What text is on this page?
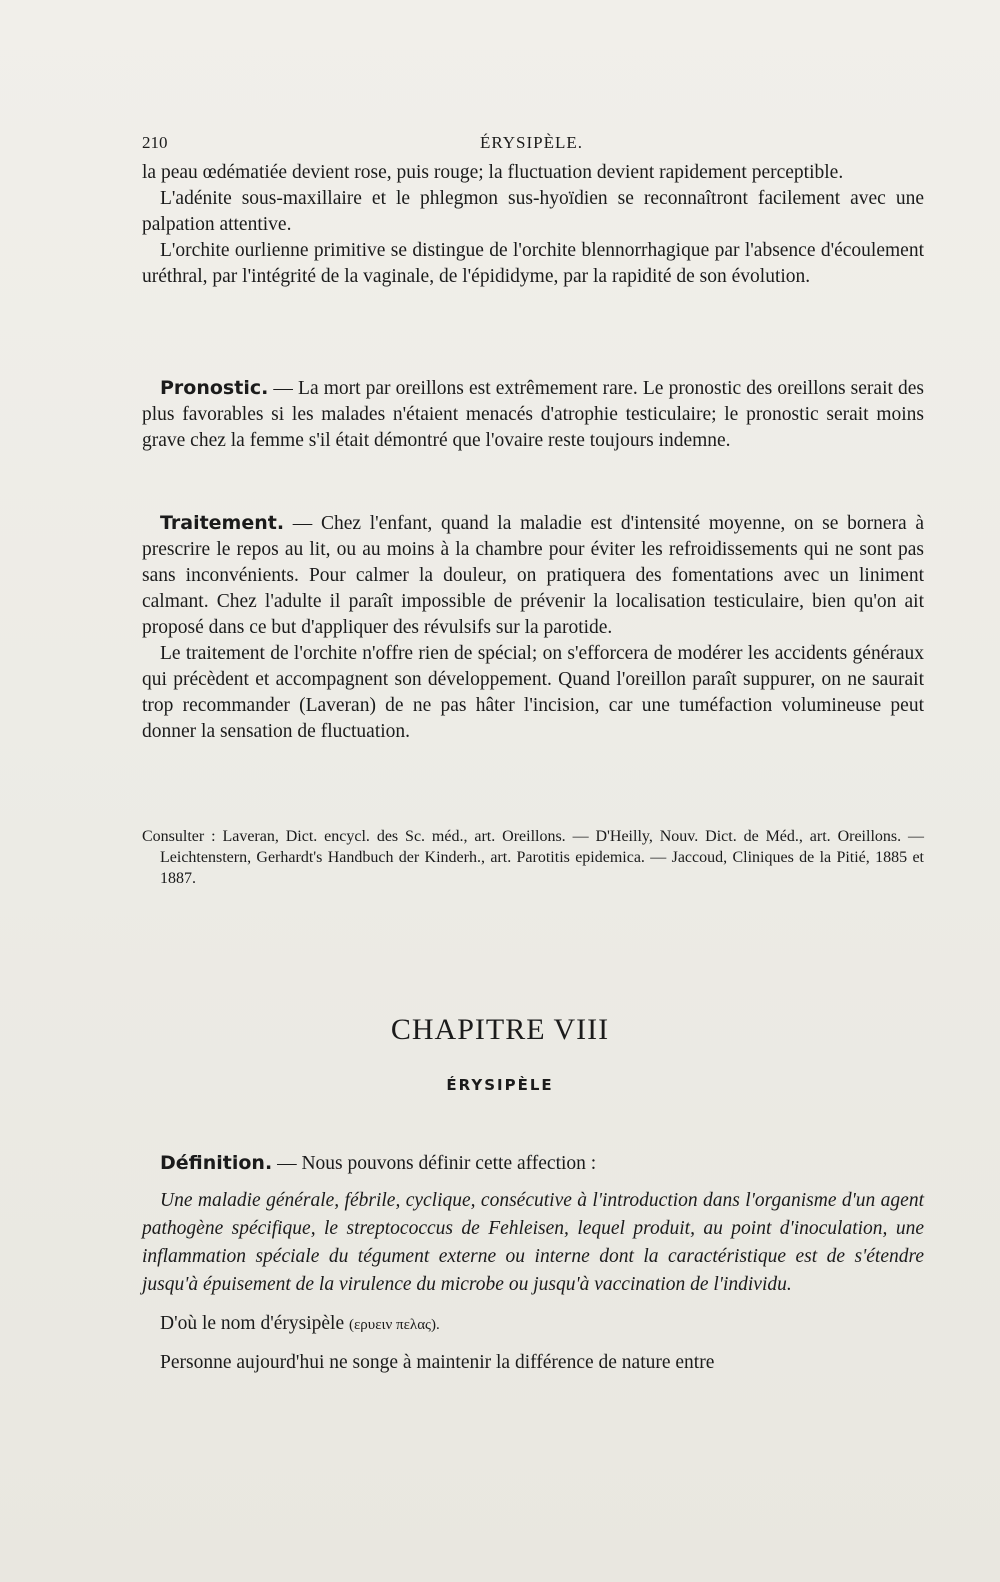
210	ÉRYSIPÈLE.

la peau œdématiée devient rose, puis rouge; la fluctuation devient rapidement perceptible.

L'adénite sous-maxillaire et le phlegmon sus-hyoïdien se reconnaîtront facilement avec une palpation attentive.

L'orchite ourlienne primitive se distingue de l'orchite blennorrhagique par l'absence d'écoulement uréthral, par l'intégrité de la vaginale, de l'épididyme, par la rapidité de son évolution.

Pronostic. — La mort par oreillons est extrêmement rare. Le pronostic des oreillons serait des plus favorables si les malades n'étaient menacés d'atrophie testiculaire; le pronostic serait moins grave chez la femme s'il était démontré que l'ovaire reste toujours indemne.

Traitement. — Chez l'enfant, quand la maladie est d'intensité moyenne, on se bornera à prescrire le repos au lit, ou au moins à la chambre pour éviter les refroidissements qui ne sont pas sans inconvénients. Pour calmer la douleur, on pratiquera des fomentations avec un liniment calmant. Chez l'adulte il paraît impossible de prévenir la localisation testiculaire, bien qu'on ait proposé dans ce but d'appliquer des révulsifs sur la parotide.

Le traitement de l'orchite n'offre rien de spécial; on s'efforcera de modérer les accidents généraux qui précèdent et accompagnent son développement. Quand l'oreillon paraît suppurer, on ne saurait trop recommander (Laveran) de ne pas hâter l'incision, car une tuméfaction volumineuse peut donner la sensation de fluctuation.

Consulter : Laveran, Dict. encycl. des Sc. méd., art. Oreillons. — D'Heilly, Nouv. Dict. de Méd., art. Oreillons. — Leichtenstern, Gerhardt's Handbuch der Kinderh., art. Parotitis epidemica. — Jaccoud, Cliniques de la Pitié, 1885 et 1887.

CHAPITRE VIII
ÉRYSIPÈLE

Définition. — Nous pouvons définir cette affection :

Une maladie générale, fébrile, cyclique, consécutive à l'introduction dans l'organisme d'un agent pathogène spécifique, le streptococcus de Fehleisen, lequel produit, au point d'inoculation, une inflammation spéciale du tégument externe ou interne dont la caractéristique est de s'étendre jusqu'à épuisement de la virulence du microbe ou jusqu'à vaccination de l'individu.

D'où le nom d'érysipèle (ερυειν πελας).

Personne aujourd'hui ne songe à maintenir la différence de nature entre
